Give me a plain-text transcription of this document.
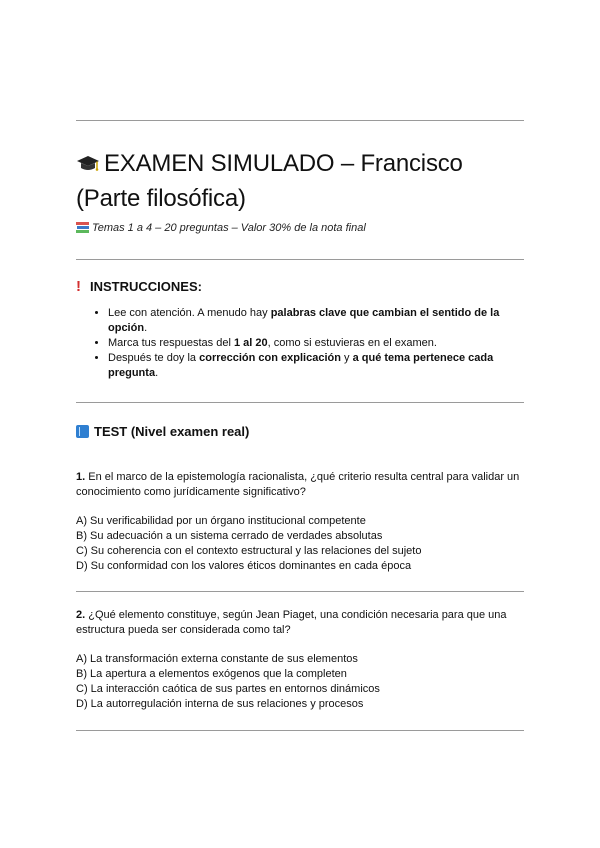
EXAMEN SIMULADO – Francisco (Parte filosófica)
Temas 1 a 4 – 20 preguntas – Valor 30% de la nota final
! INSTRUCCIONES:
• Lee con atención. A menudo hay palabras clave que cambian el sentido de la opción.
• Marca tus respuestas del 1 al 20, como si estuvieras en el examen.
• Después te doy la corrección con explicación y a qué tema pertenece cada pregunta.
TEST (Nivel examen real)

1. En el marco de la epistemología racionalista, ¿qué criterio resulta central para validar un conocimiento como jurídicamente significativo?

A) Su verificabilidad por un órgano institucional competente

B) Su adecuación a un sistema cerrado de verdades absolutas

C) Su coherencia con el contexto estructural y las relaciones del sujeto

D) Su conformidad con los valores éticos dominantes en cada época

2. ¿Qué elemento constituye, según Jean Piaget, una condición necesaria para que una estructura pueda ser considerada como tal?

A) La transformación externa constante de sus elementos

B) La apertura a elementos exógenos que la completen

C) La interacción caótica de sus partes en entornos dinámicos

D) La autorregulación interna de sus relaciones y procesos
